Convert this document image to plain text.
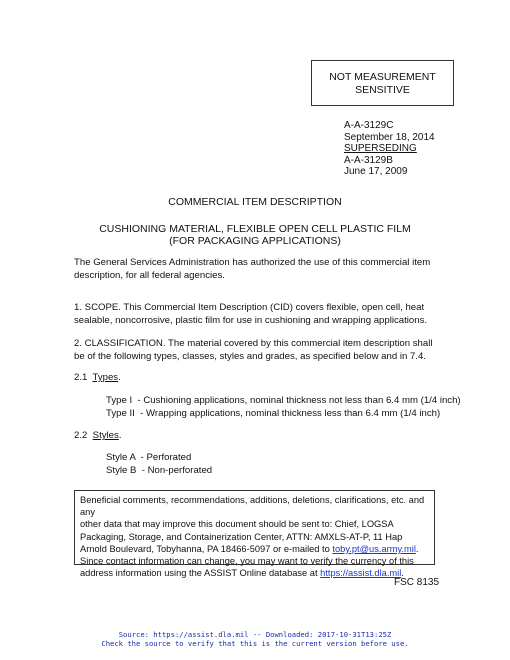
NOT MEASUREMENT
SENSITIVE
A-A-3129C
September 18, 2014
SUPERSEDING
A-A-3129B
June 17, 2009
COMMERCIAL ITEM DESCRIPTION
CUSHIONING MATERIAL, FLEXIBLE OPEN CELL PLASTIC FILM
(FOR PACKAGING APPLICATIONS)
The General Services Administration has authorized the use of this commercial item
description, for all federal agencies.
1. SCOPE. This Commercial Item Description (CID) covers flexible, open cell, heat
sealable, noncorrosive, plastic film for use in cushioning and wrapping applications.
2. CLASSIFICATION. The material covered by this commercial item description shall
be of the following types, classes, styles and grades, as specified below and in 7.4.
2.1  Types.
Type I  - Cushioning applications, nominal thickness not less than 6.4 mm (1/4 inch)
Type II  - Wrapping applications, nominal thickness less than 6.4 mm (1/4 inch)
2.2  Styles.
Style A  - Perforated
Style B  - Non-perforated
Beneficial comments, recommendations, additions, deletions, clarifications, etc. and any
other data that may improve this document should be sent to: Chief, LOGSA
Packaging, Storage, and Containerization Center, ATTN: AMXLS-AT-P, 11 Hap
Arnold Boulevard, Tobyhanna, PA 18466-5097 or e-mailed to toby.pt@us.army.mil.
Since contact information can change, you may want to verify the currency of this
address information using the ASSIST Online database at https://assist.dla.mil.
FSC 8135
Source: https://assist.dla.mil -- Downloaded: 2017-10-31T13:25Z
Check the source to verify that this is the current version before use.
